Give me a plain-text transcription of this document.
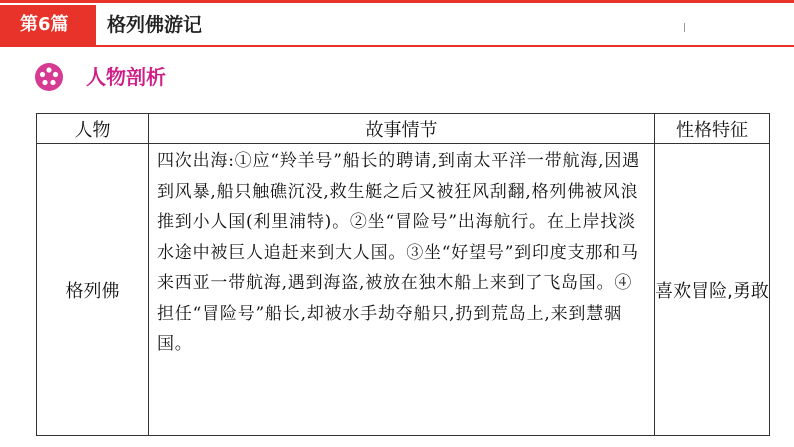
第6篇	格列佛游记
人物剖析
人物	故事情节	性格特征
格列佛	四次出海:①应“羚羊号”船长的聘请,到南太平洋一带航海,因遇到风暴,船只触礁沉没,救生艇之后又被狂风刮翻,格列佛被风浪推到小人国(利里浦特)。②坐“冒险号”出海航行。在上岸找淡水途中被巨人追赶来到大人国。③坐“好望号”到印度支那和马来西亚一带航海,遇到海盗,被放在独木船上来到了飞岛国。④担任“冒险号”船长,却被水手劫夺船只,扔到荒岛上,来到慧骃国。	喜欢冒险,勇敢
